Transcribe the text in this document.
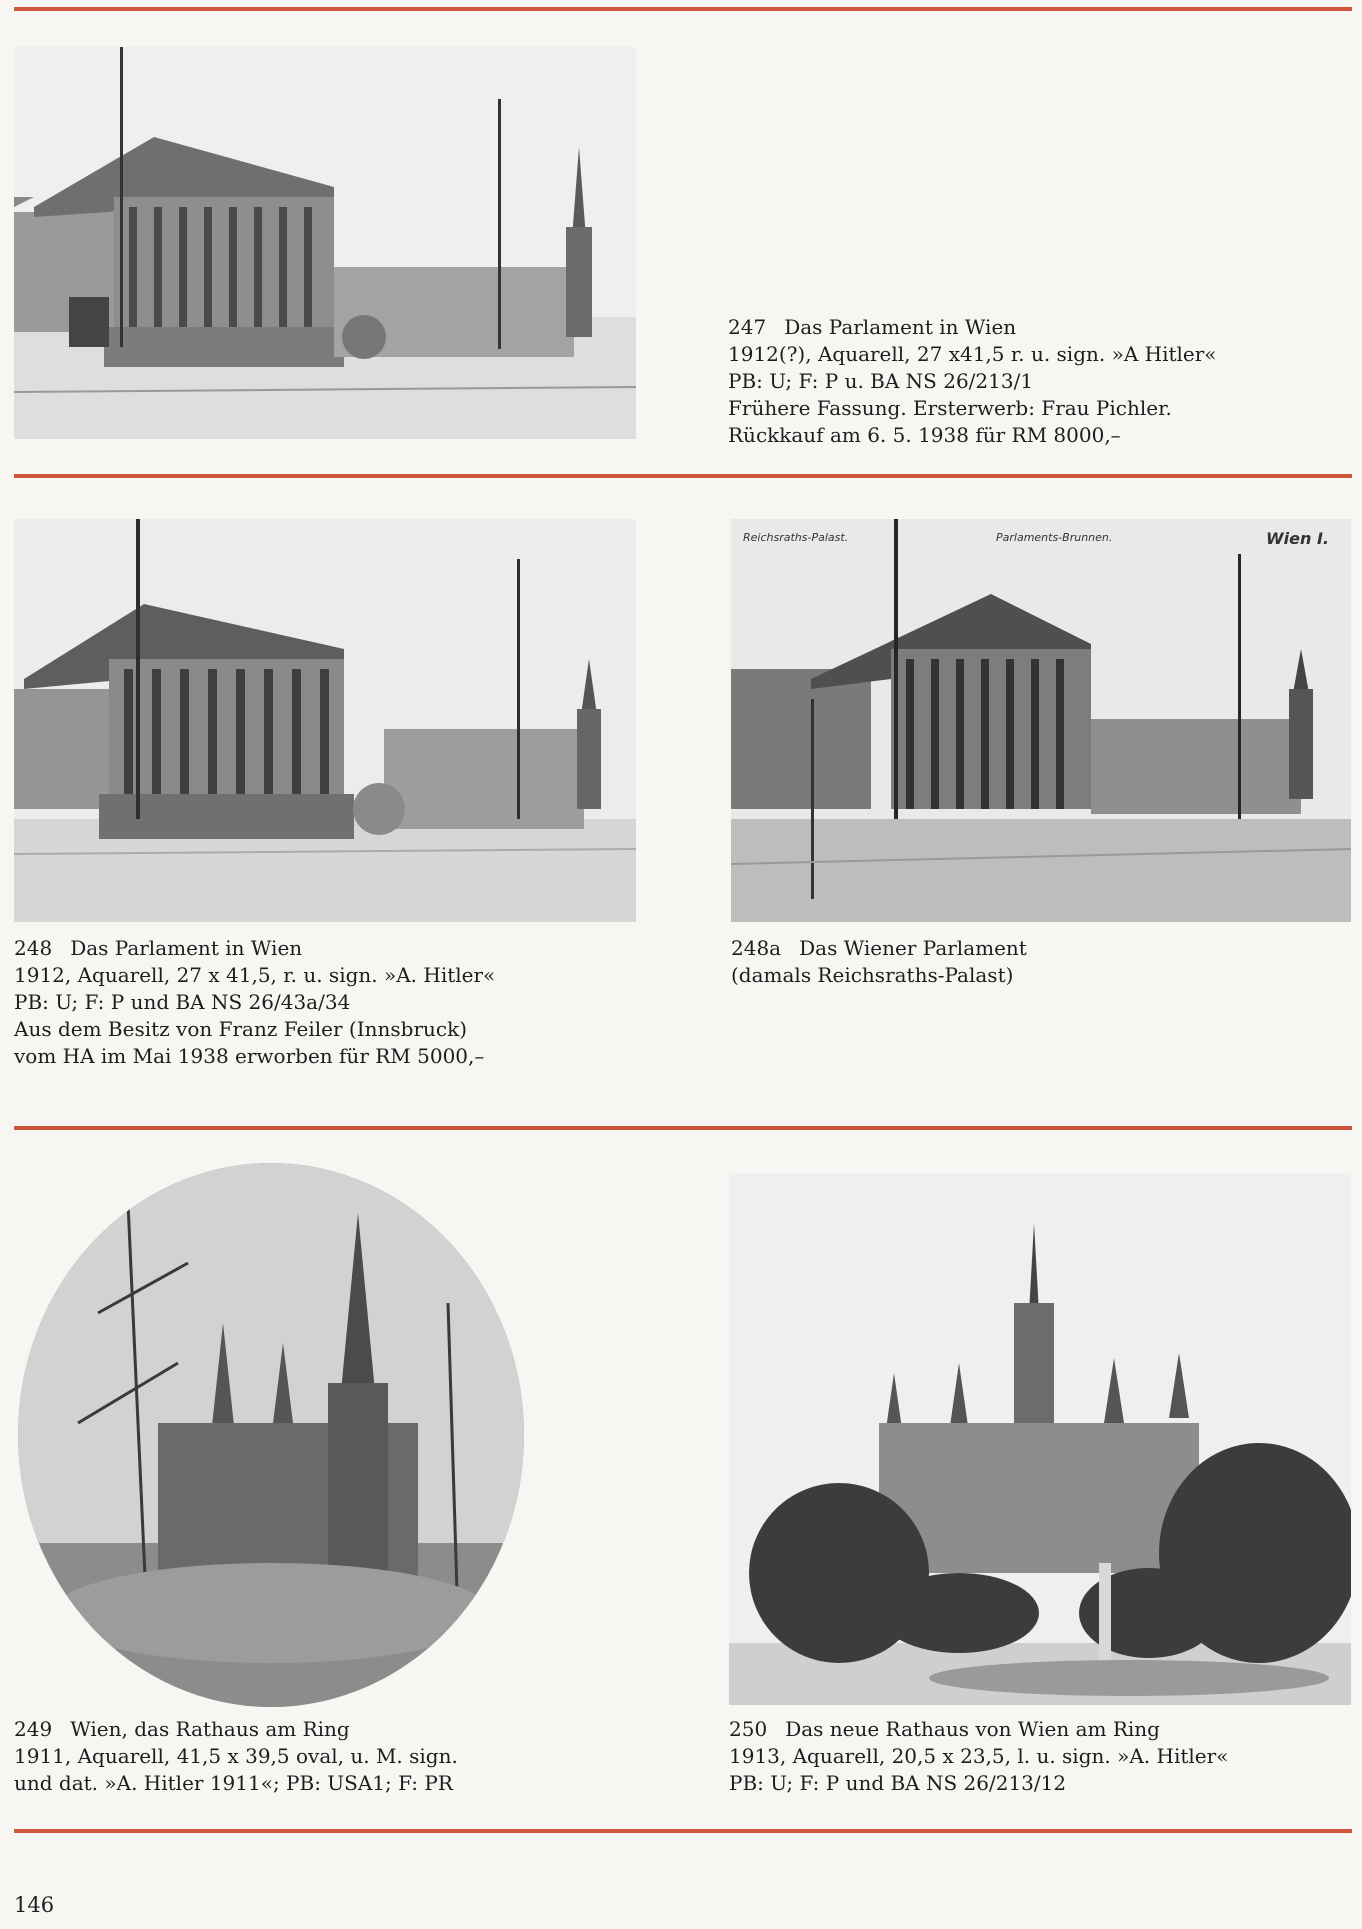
247 Das Parlament in Wien
1912(?), Aquarell, 27 x41,5 r. u. sign. »A Hitler«
PB: U; F: P u. BA NS 26/213/1
Frühere Fassung. Ersterwerb: Frau Pichler.
Rückkauf am 6. 5. 1938 für RM 8000,–
248 Das Parlament in Wien
1912, Aquarell, 27 x 41,5, r. u. sign. »A. Hitler«
PB: U; F: P und BA NS 26/43a/34
Aus dem Besitz von Franz Feiler (Innsbruck)
vom HA im Mai 1938 erworben für RM 5000,–
Reichsraths-Palast.	Parlaments-Brunnen.	Wien I.
248a Das Wiener Parlament
(damals Reichsraths-Palast)
249 Wien, das Rathaus am Ring
1911, Aquarell, 41,5 x 39,5 oval, u. M. sign.
und dat. »A. Hitler 1911«; PB: USA1; F: PR
250 Das neue Rathaus von Wien am Ring
1913, Aquarell, 20,5 x 23,5, l. u. sign. »A. Hitler«
PB: U; F: P und BA NS 26/213/12
146
